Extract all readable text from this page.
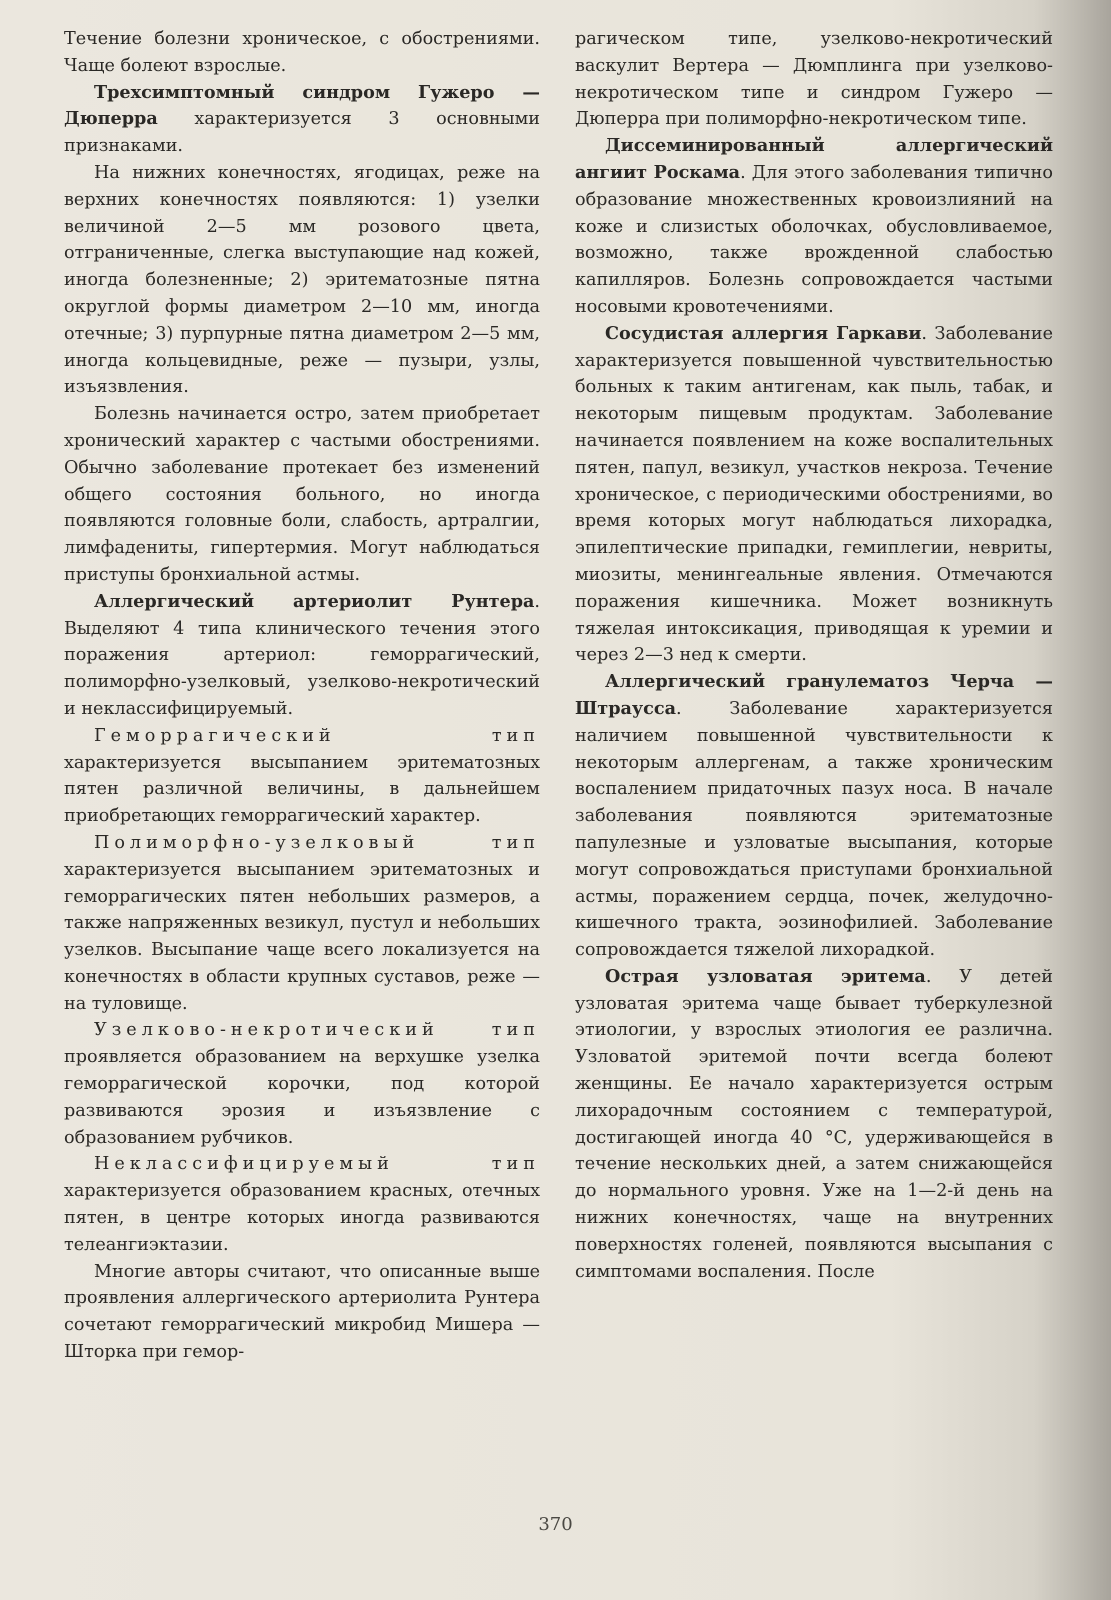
Течение болезни хроническое, с обострениями. Чаще болеют взрослые.

Трехсимптомный синдром Гужеро — Дюперра характеризуется 3 основными признаками.

На нижних конечностях, ягодицах, реже на верхних конечностях появляются: 1) узелки величиной 2—5 мм розового цвета, отграниченные, слегка выступающие над кожей, иногда болезненные; 2) эритематозные пятна округлой формы диаметром 2—10 мм, иногда отечные; 3) пурпурные пятна диаметром 2—5 мм, иногда кольцевидные, реже — пузыри, узлы, изъязвления.

Болезнь начинается остро, затем приобретает хронический характер с частыми обострениями. Обычно заболевание протекает без изменений общего состояния больного, но иногда появляются головные боли, слабость, артралгии, лимфадениты, гипертермия. Могут наблюдаться приступы бронхиальной астмы.

Аллергический артериолит Рунтера. Выделяют 4 типа клинического течения этого поражения артериол: геморрагический, полиморфно-узелковый, узелково-некротический и неклассифицируемый.

Геморрагический тип характеризуется высыпанием эритематозных пятен различной величины, в дальнейшем приобретающих геморрагический характер.

Полиморфно-узелковый тип характеризуется высыпанием эритематозных и геморрагических пятен небольших размеров, а также напряженных везикул, пустул и небольших узелков. Высыпание чаще всего локализуется на конечностях в области крупных суставов, реже — на туловище.

Узелково-некротический тип проявляется образованием на верхушке узелка геморрагической корочки, под которой развиваются эрозия и изъязвление с образованием рубчиков.

Неклассифицируемый тип характеризуется образованием красных, отечных пятен, в центре которых иногда развиваются телеангиэктазии.

Многие авторы считают, что описанные выше проявления аллергического артериолита Рунтера сочетают геморрагический микробид Мишера — Шторка при гемор-

рагическом типе, узелково-некротический васкулит Вертера — Дюмплинга при узелково-некротическом типе и синдром Гужеро — Дюперра при полиморфно-некротическом типе.

Диссеминированный аллергический ангиит Роскама. Для этого заболевания типично образование множественных кровоизлияний на коже и слизистых оболочках, обусловливаемое, возможно, также врожденной слабостью капилляров. Болезнь сопровождается частыми носовыми кровотечениями.

Сосудистая аллергия Гаркави. Заболевание характеризуется повышенной чувствительностью больных к таким антигенам, как пыль, табак, и некоторым пищевым продуктам. Заболевание начинается появлением на коже воспалительных пятен, папул, везикул, участков некроза. Течение хроническое, с периодическими обострениями, во время которых могут наблюдаться лихорадка, эпилептические припадки, гемиплегии, невриты, миозиты, менингеальные явления. Отмечаются поражения кишечника. Может возникнуть тяжелая интоксикация, приводящая к уремии и через 2—3 нед к смерти.

Аллергический гранулематоз Черча — Штраусса. Заболевание характеризуется наличием повышенной чувствительности к некоторым аллергенам, а также хроническим воспалением придаточных пазух носа. В начале заболевания появляются эритематозные папулезные и узловатые высыпания, которые могут сопровождаться приступами бронхиальной астмы, поражением сердца, почек, желудочно-кишечного тракта, эозинофилией. Заболевание сопровождается тяжелой лихорадкой.

Острая узловатая эритема. У детей узловатая эритема чаще бывает туберкулезной этиологии, у взрослых этиология ее различна. Узловатой эритемой почти всегда болеют женщины. Ее начало характеризуется острым лихорадочным состоянием с температурой, достигающей иногда 40 °С, удерживающейся в течение нескольких дней, а затем снижающейся до нормального уровня. Уже на 1—2-й день на нижних конечностях, чаще на внутренних поверхностях голеней, появляются высыпания с симптомами воспаления. После

370
